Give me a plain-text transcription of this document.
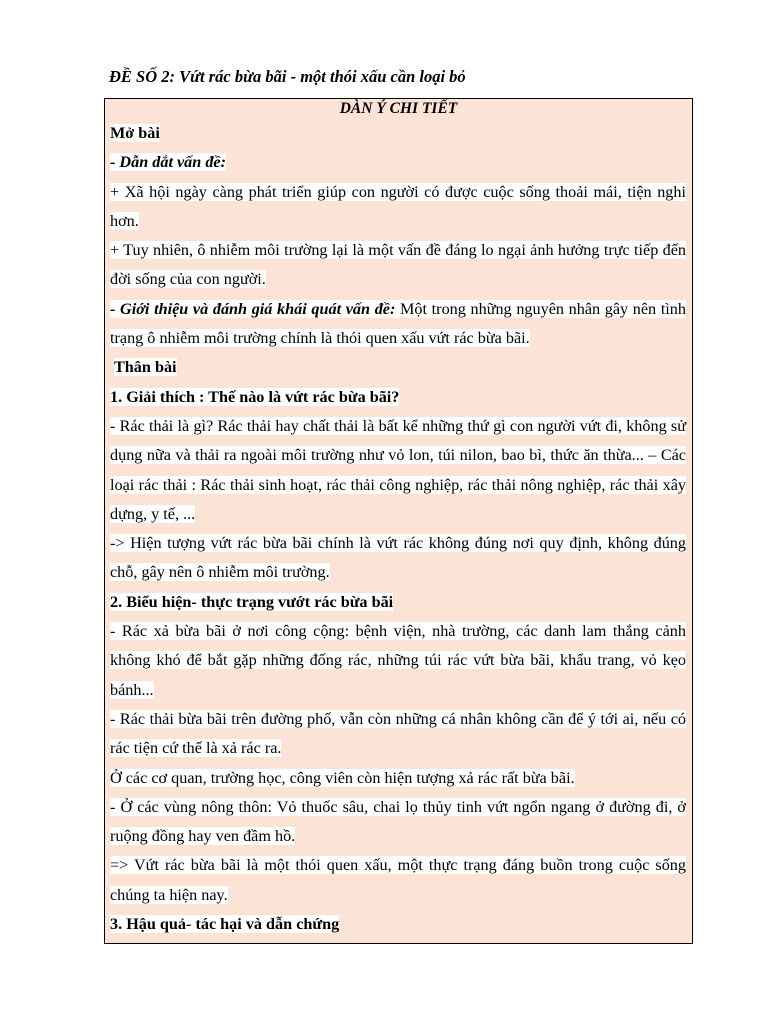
ĐỀ SỐ 2: Vứt rác bừa bãi - một thói xấu cần loại bỏ
DÀN Ý CHI TIẾT

Mở bài

- Dẫn dắt vấn đề:

+ Xã hội ngày càng phát triển giúp con người có được cuộc sống thoải mái, tiện nghi hơn.

+ Tuy nhiên, ô nhiễm môi trường lại là một vấn đề đáng lo ngại ảnh hưởng trực tiếp đến đời sống của con người.

- Giới thiệu và đánh giá khái quát vấn đề: Một trong những nguyên nhân gây nên tình trạng ô nhiễm môi trường chính là thói quen xấu vứt rác bừa bãi.

Thân bài

1. Giải thích : Thế nào là vứt rác bừa bãi?

- Rác thải là gì? Rác thải hay chất thải là bất kể những thứ gì con người vứt đi, không sử dụng nữa và thải ra ngoài môi trường như vỏ lon, túi nilon, bao bì, thức ăn thừa... – Các loại rác thải : Rác thải sinh hoạt, rác thải công nghiệp, rác thải nông nghiệp, rác thải xây dựng, y tế, ...

-> Hiện tượng vứt rác bừa bãi chính là vứt rác không đúng nơi quy định, không đúng chỗ, gây nên ô nhiễm môi trường.

2. Biểu hiện- thực trạng vướt rác bừa bãi

- Rác xả bừa bãi ở nơi công cộng: bệnh viện, nhà trường, các danh lam thắng cảnh không khó để bắt gặp những đống rác, những túi rác vứt bừa bãi, khẩu trang, vỏ kẹo bánh...

- Rác thải bừa bãi trên đường phố, vẫn còn những cá nhân không cần để ý tới ai, nếu có rác tiện cứ thế là xả rác ra.

Ở các cơ quan, trường học, công viên còn hiện tượng xả rác rất bừa bãi.

- Ở các vùng nông thôn: Vỏ thuốc sâu, chai lọ thủy tinh vứt ngổn ngang ở đường đi, ở ruộng đồng hay ven đầm hồ.

=> Vứt rác bừa bãi là một thói quen xấu, một thực trạng đáng buồn trong cuộc sống chúng ta hiện nay.

3. Hậu quả- tác hại và dẫn chứng
